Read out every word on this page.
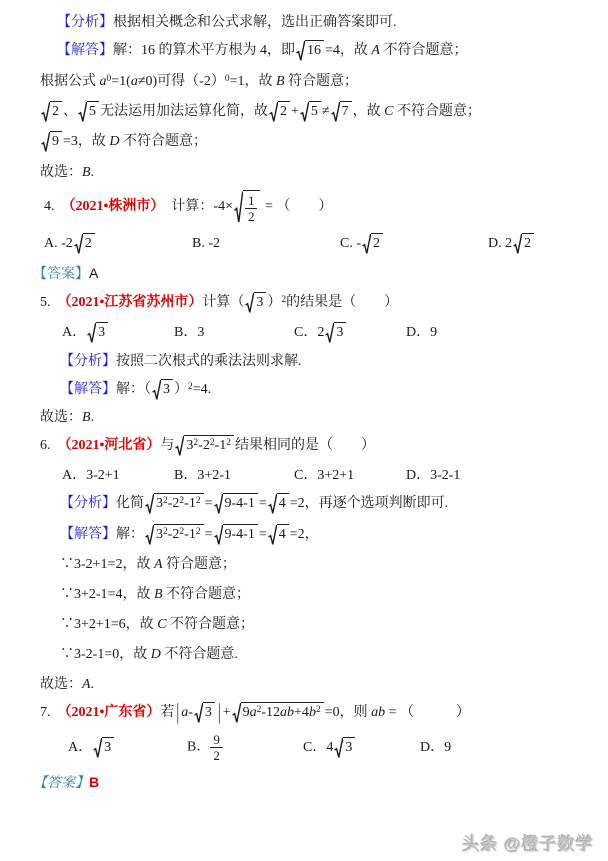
【分析】根据相关概念和公式求解，选出正确答案即可.
【解答】解：16 的算术平方根为 4，即 16 =4，故 A 不符合题意；
根据公式 $a^0=1(a\ne 0)$可得$(-2)^0=1$，故 B 符合题意；
2 、 5 无法运用加法运算化简，故 2 + 5 ≠ 7 ，故 C 不符合题意；
9 =3，故 D 不符合题意；
故选：B.
4.　（2021•株洲市）　计算：$-4\times \frac{1}{2}$ = （　　）
A. -2 2	B. -2	C. - 2	D. 2 2
【答案】A
5.　（2021•江苏省苏州市）计算（ 3 ）$^2$的结果是（　　）
A． 3	B．3	C．2 3	D．9
【分析】按照二次根式的乘法法则求解.
【解答】解：（ 3 ）$^2$=4.
故选：B.
6.　（2021•河北省）与 $3^2-2^2-1^2$ 结果相同的是（　　）
A．3-2+1	B．3+2-1	C．3+2+1	D．3-2-1
【分析】化简 $3^2-2^2-1^2 = 9-4-1 = 4 =2$，再逐个选项判断即可.
【解答】解： $3^2-2^2-1^2 = 9-4-1 = 4 =2$，
∵3-2+1=2，故 A 符合题意；
∵3+2-1=4，故 B 不符合题意；
∵3+2+1=6，故 C 不符合题意；
∵3-2-1=0，故 D 不符合题意.
故选：A.
7.　（2021•广东省）若 | a- 3 | + $9a^2-12ab+4b^2 =0$，则 ab = （　　　）
A． 3	B． $\frac{9}{2}$	C．4 3	D．9
【答案】B
头条 @橙子数学
